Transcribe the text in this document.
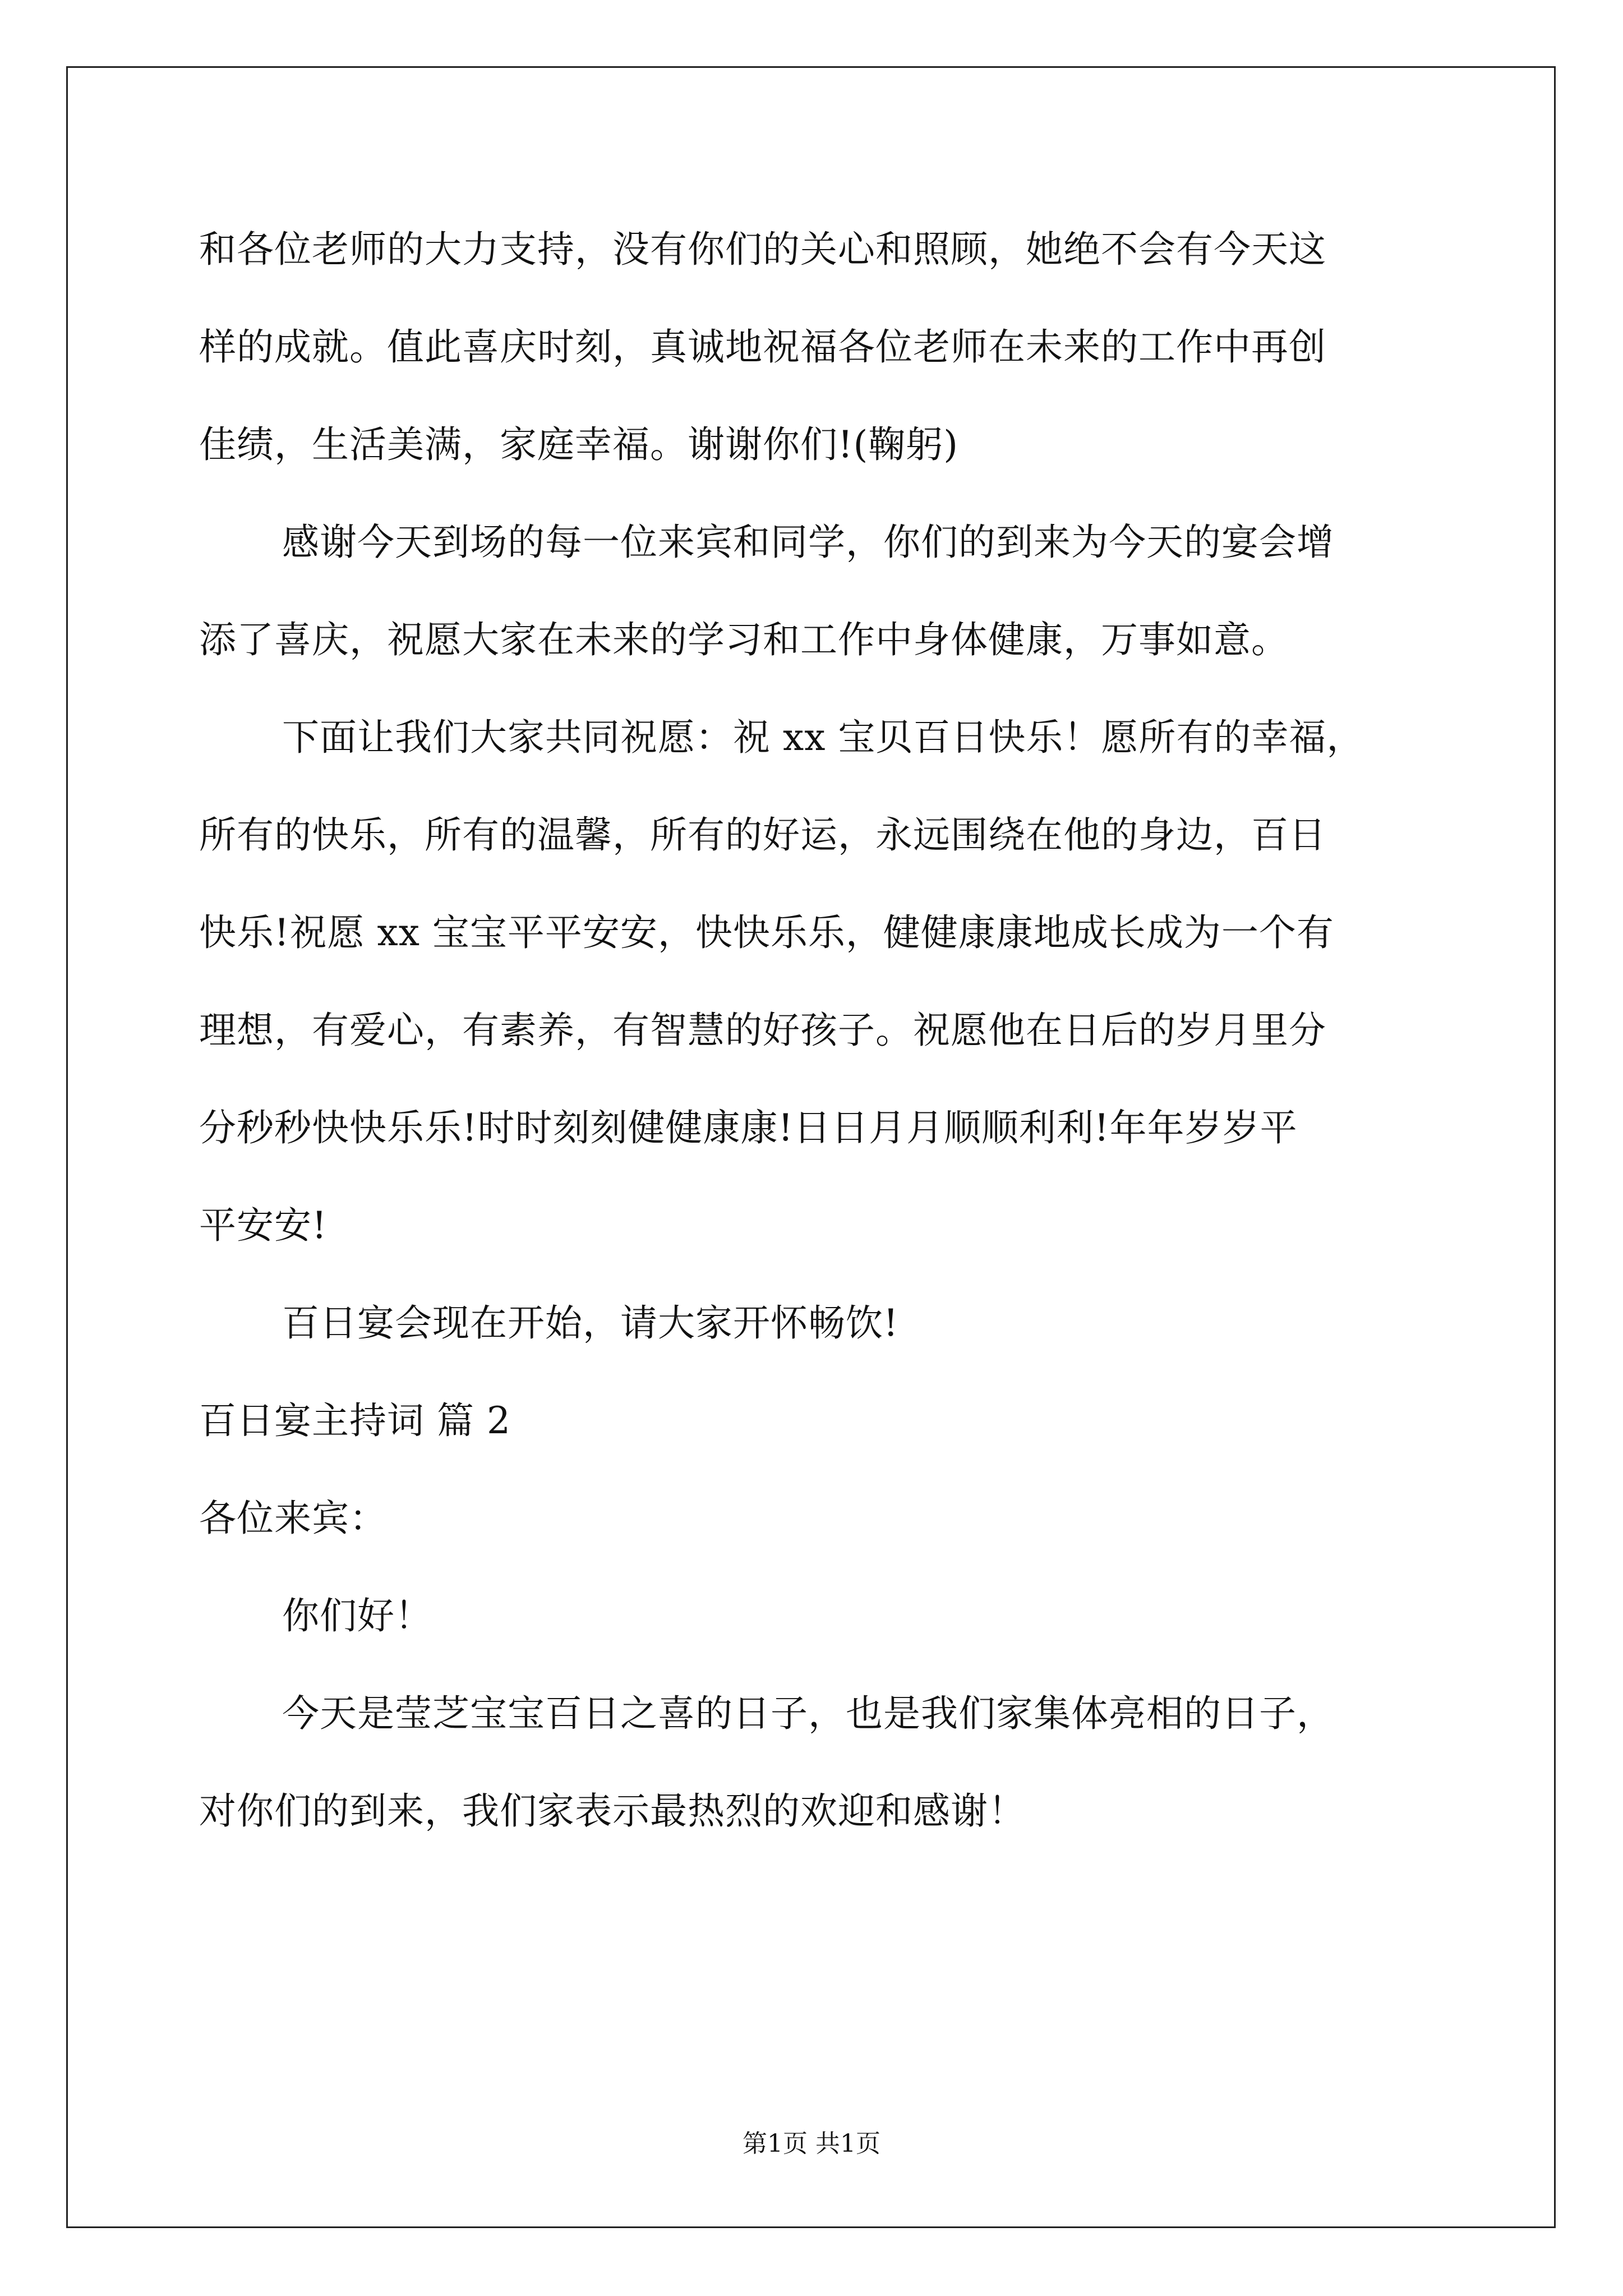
和各位老师的大力支持，没有你们的关心和照顾，她绝不会有今天这
样的成就。值此喜庆时刻，真诚地祝福各位老师在未来的工作中再创
佳绩，生活美满，家庭幸福。谢谢你们!(鞠躬)
感谢今天到场的每一位来宾和同学，你们的到来为今天的宴会增
添了喜庆，祝愿大家在未来的学习和工作中身体健康，万事如意。
下面让我们大家共同祝愿：祝 xx 宝贝百日快乐！愿所有的幸福，
所有的快乐，所有的温馨，所有的好运，永远围绕在他的身边，百日
快乐!祝愿 xx 宝宝平平安安，快快乐乐，健健康康地成长成为一个有
理想，有爱心，有素养，有智慧的好孩子。祝愿他在日后的岁月里分
分秒秒快快乐乐!时时刻刻健健康康!日日月月顺顺利利!年年岁岁平
平安安!
百日宴会现在开始，请大家开怀畅饮!
百日宴主持词 篇 2
各位来宾：
你们好！
今天是莹芝宝宝百日之喜的日子，也是我们家集体亮相的日子，
对你们的到来，我们家表示最热烈的欢迎和感谢！
第1页 共1页
